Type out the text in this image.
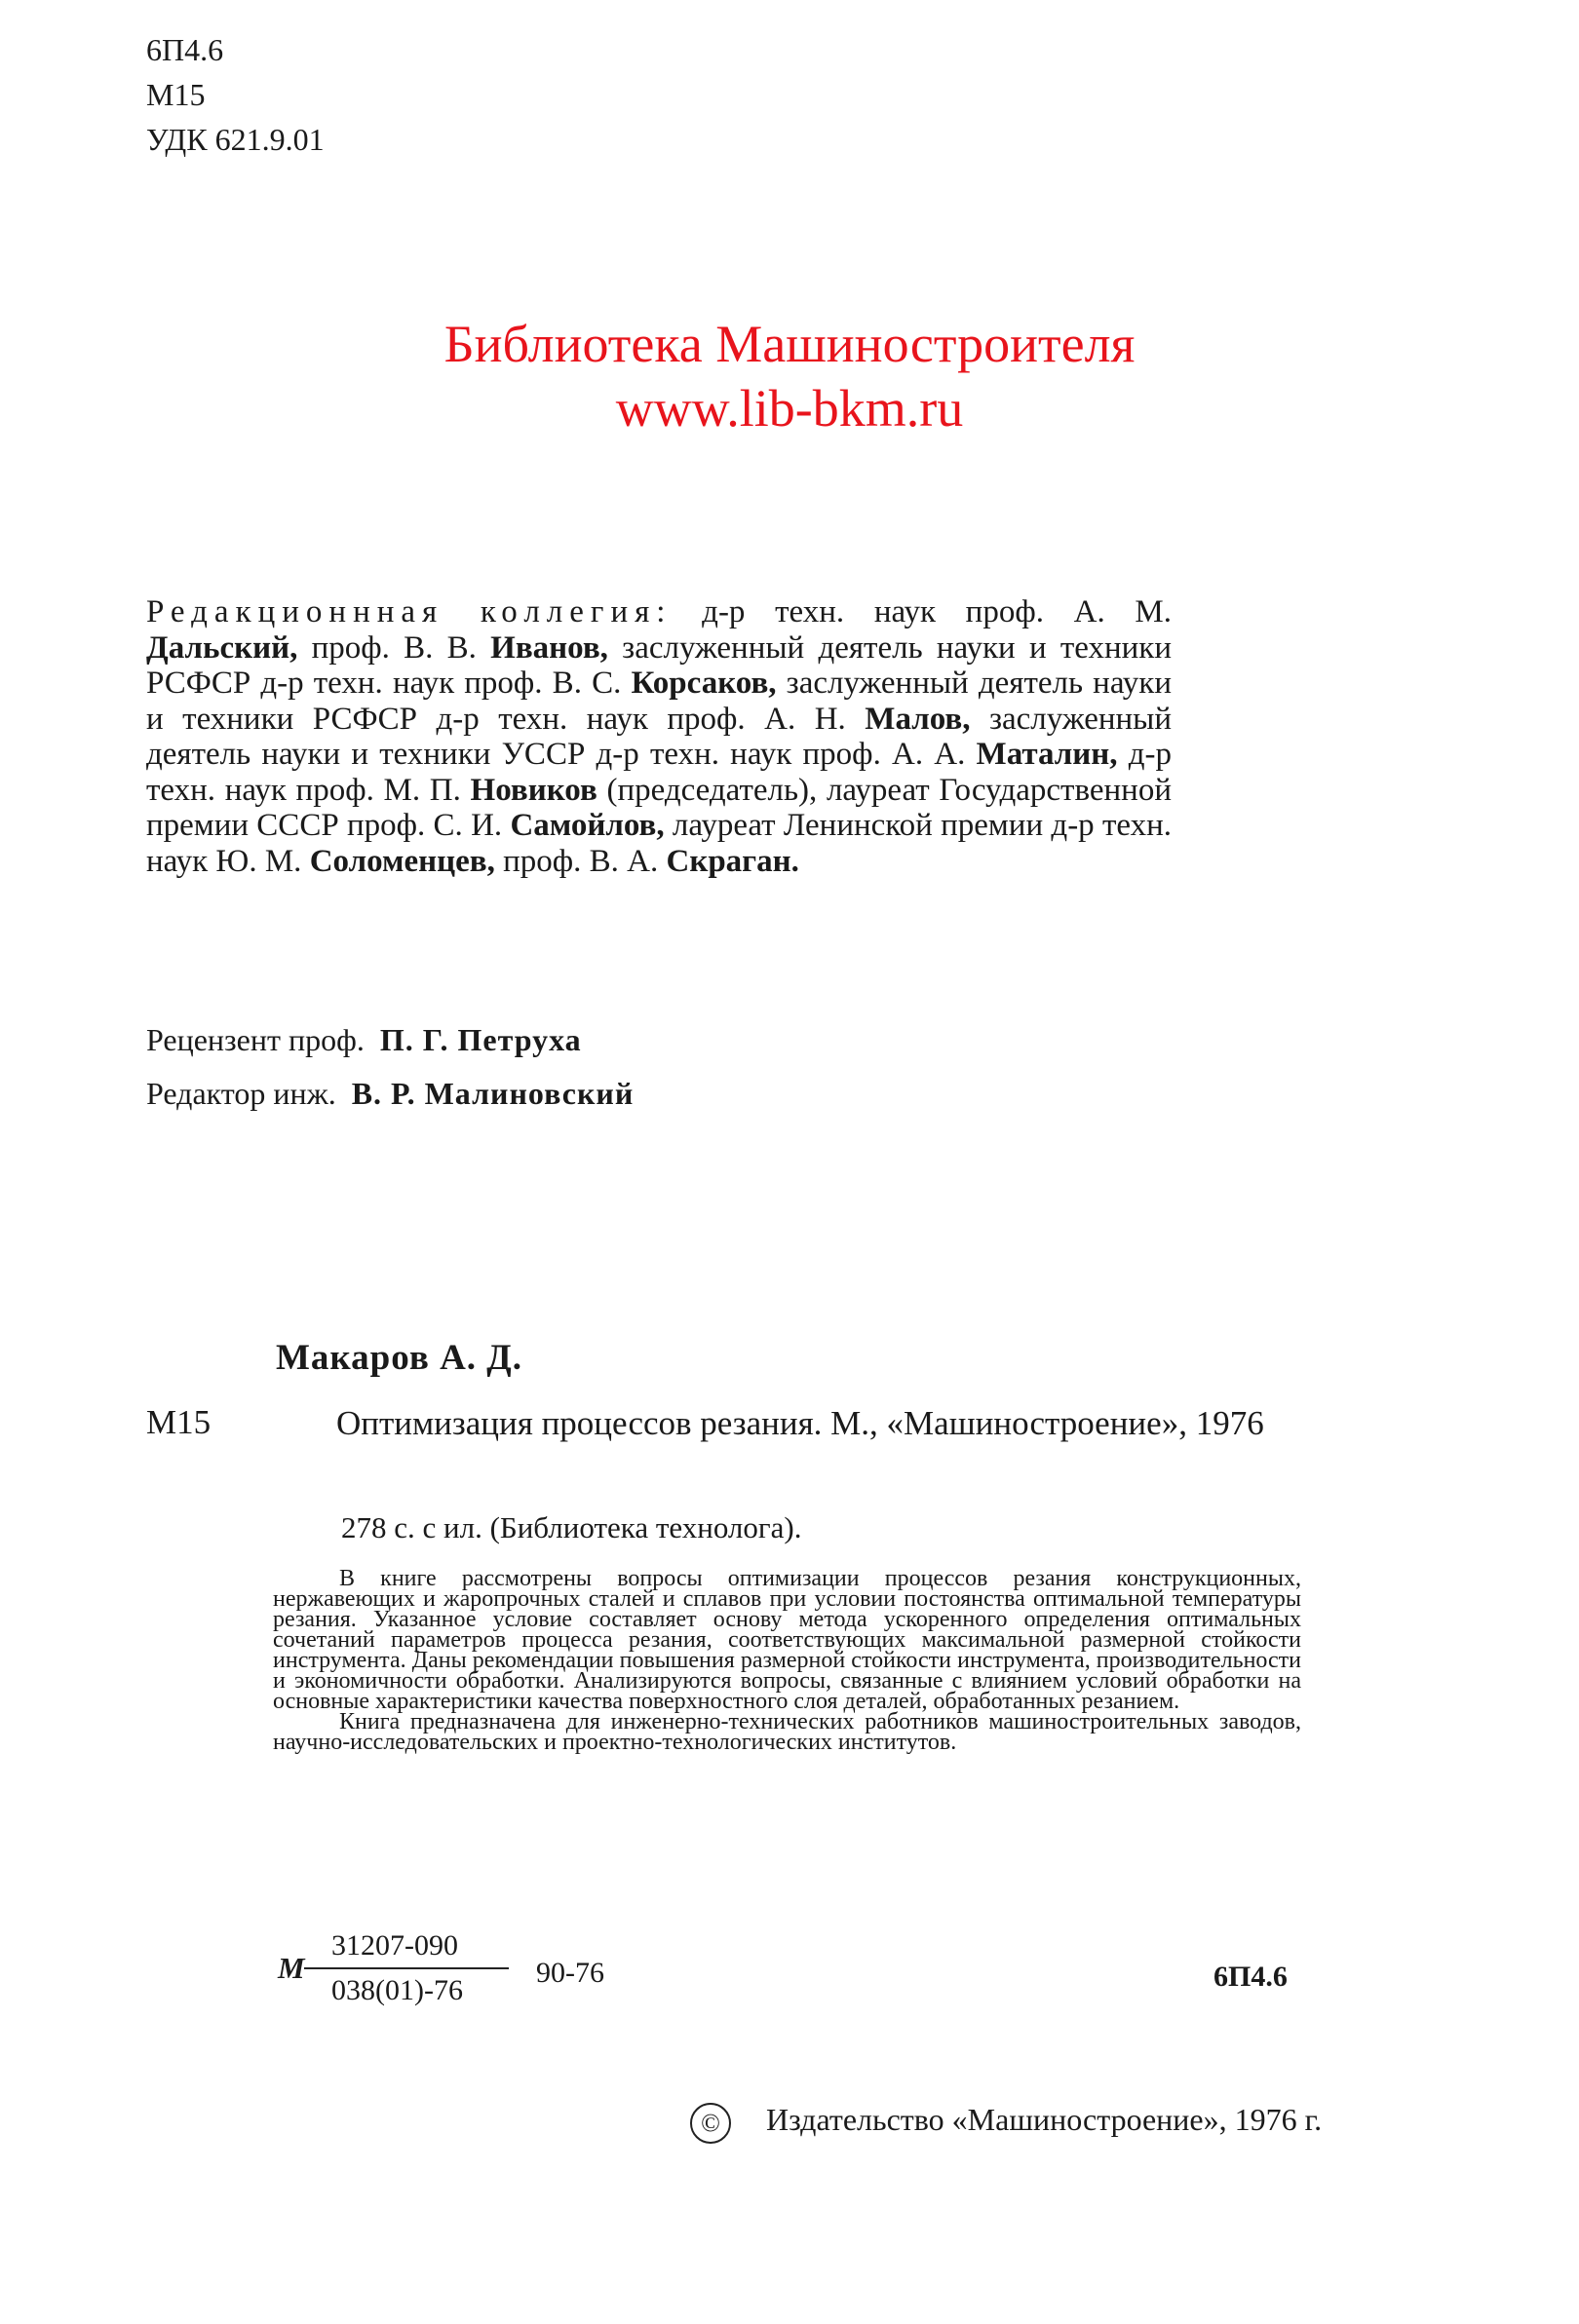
6П4.6
М15
УДК 621.9.01
Библиотека Машиностроителя
www.lib-bkm.ru
Редакционнная коллегия: д-р техн. наук проф. А. М. Дальский, проф. В. В. Иванов, заслуженный деятель науки и техники РСФСР д-р техн. наук проф. В. С. Корсаков, заслуженный деятель науки и техники РСФСР д-р техн. наук проф. А. Н. Малов, заслуженный деятель науки и техники УССР д-р техн. наук проф. А. А. Маталин, д-р техн. наук проф. М. П. Новиков (председатель), лауреат Государственной премии СССР проф. С. И. Самойлов, лауреат Ленинской премии д-р техн. наук Ю. М. Соломенцев, проф. В. А. Скраган.
Рецензент проф. П. Г. Петруха
Редактор инж. В. Р. Малиновский
Макаров А. Д.
М15	Оптимизация процессов резания. М., «Машиностроение», 1976
278 с. с ил. (Библиотека технолога).

В книге рассмотрены вопросы оптимизации процессов резания конструкционных, нержавеющих и жаропрочных сталей и сплавов при условии постоянства оптимальной температуры резания. Указанное условие составляет основу метода ускоренного определения оптимальных сочетаний параметров процесса резания, соответствующих максимальной размерной стойкости инструмента. Даны рекомендации повышения размерной стойкости инструмента, производительности и экономичности обработки. Анализируются вопросы, связанные с влиянием условий обработки на основные характеристики качества поверхностного слоя деталей, обработанных резанием.

Книга предназначена для инженерно-технических работников машиностроительных заводов, научно-исследовательских и проектно-технологических институтов.

М
31207-090
038(01)-76
90-76	6П4.6
© Издательство «Машиностроение», 1976 г.
